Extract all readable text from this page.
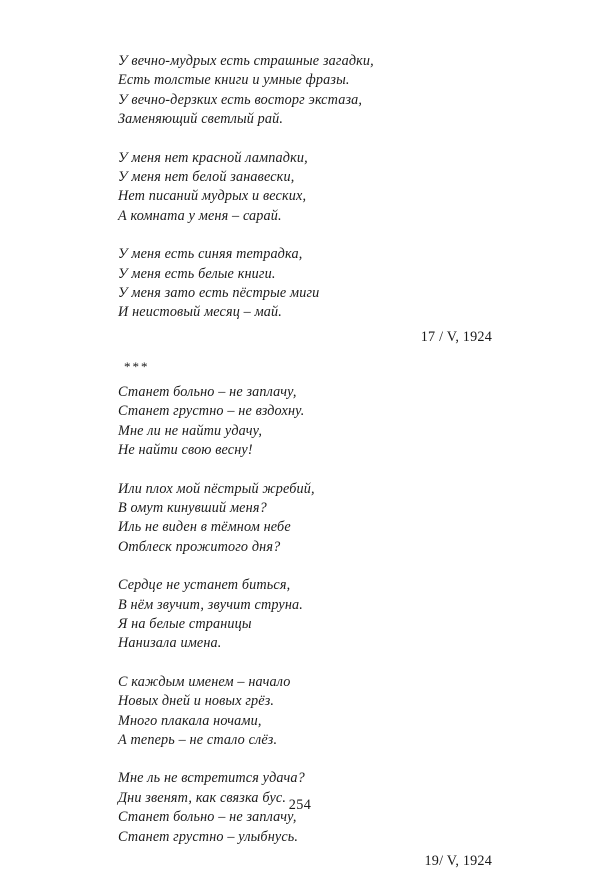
У вечно-мудрых есть страшные загадки,
Есть толстые книги и умные фразы.
У вечно-дерзких есть восторг экстаза,
Заменяющий светлый рай.
У меня нет красной лампадки,
У меня нет белой занавески,
Нет писаний мудрых и веских,
А комната у меня – сарай.
У меня есть синяя тетрадка,
У меня есть белые книги.
У меня зато есть пёстрые миги
И неистовый месяц – май.
17 / V, 1924
***
Станет больно – не заплачу,
Станет грустно – не вздохну.
Мне ли не найти удачу,
Не найти свою весну!
Или плох мой пёстрый жребий,
В омут кинувший меня?
Иль не виден в тёмном небе
Отблеск прожитого дня?
Сердце не устанет биться,
В нём звучит, звучит струна.
Я на белые страницы
Нанизала имена.
С каждым именем – начало
Новых дней и новых грёз.
Много плакала ночами,
А теперь – не стало слёз.
Мне ль не встретится удача?
Дни звенят, как связка бус.
Станет больно – не заплачу,
Станет грустно – улыбнусь.
19/ V, 1924
254
